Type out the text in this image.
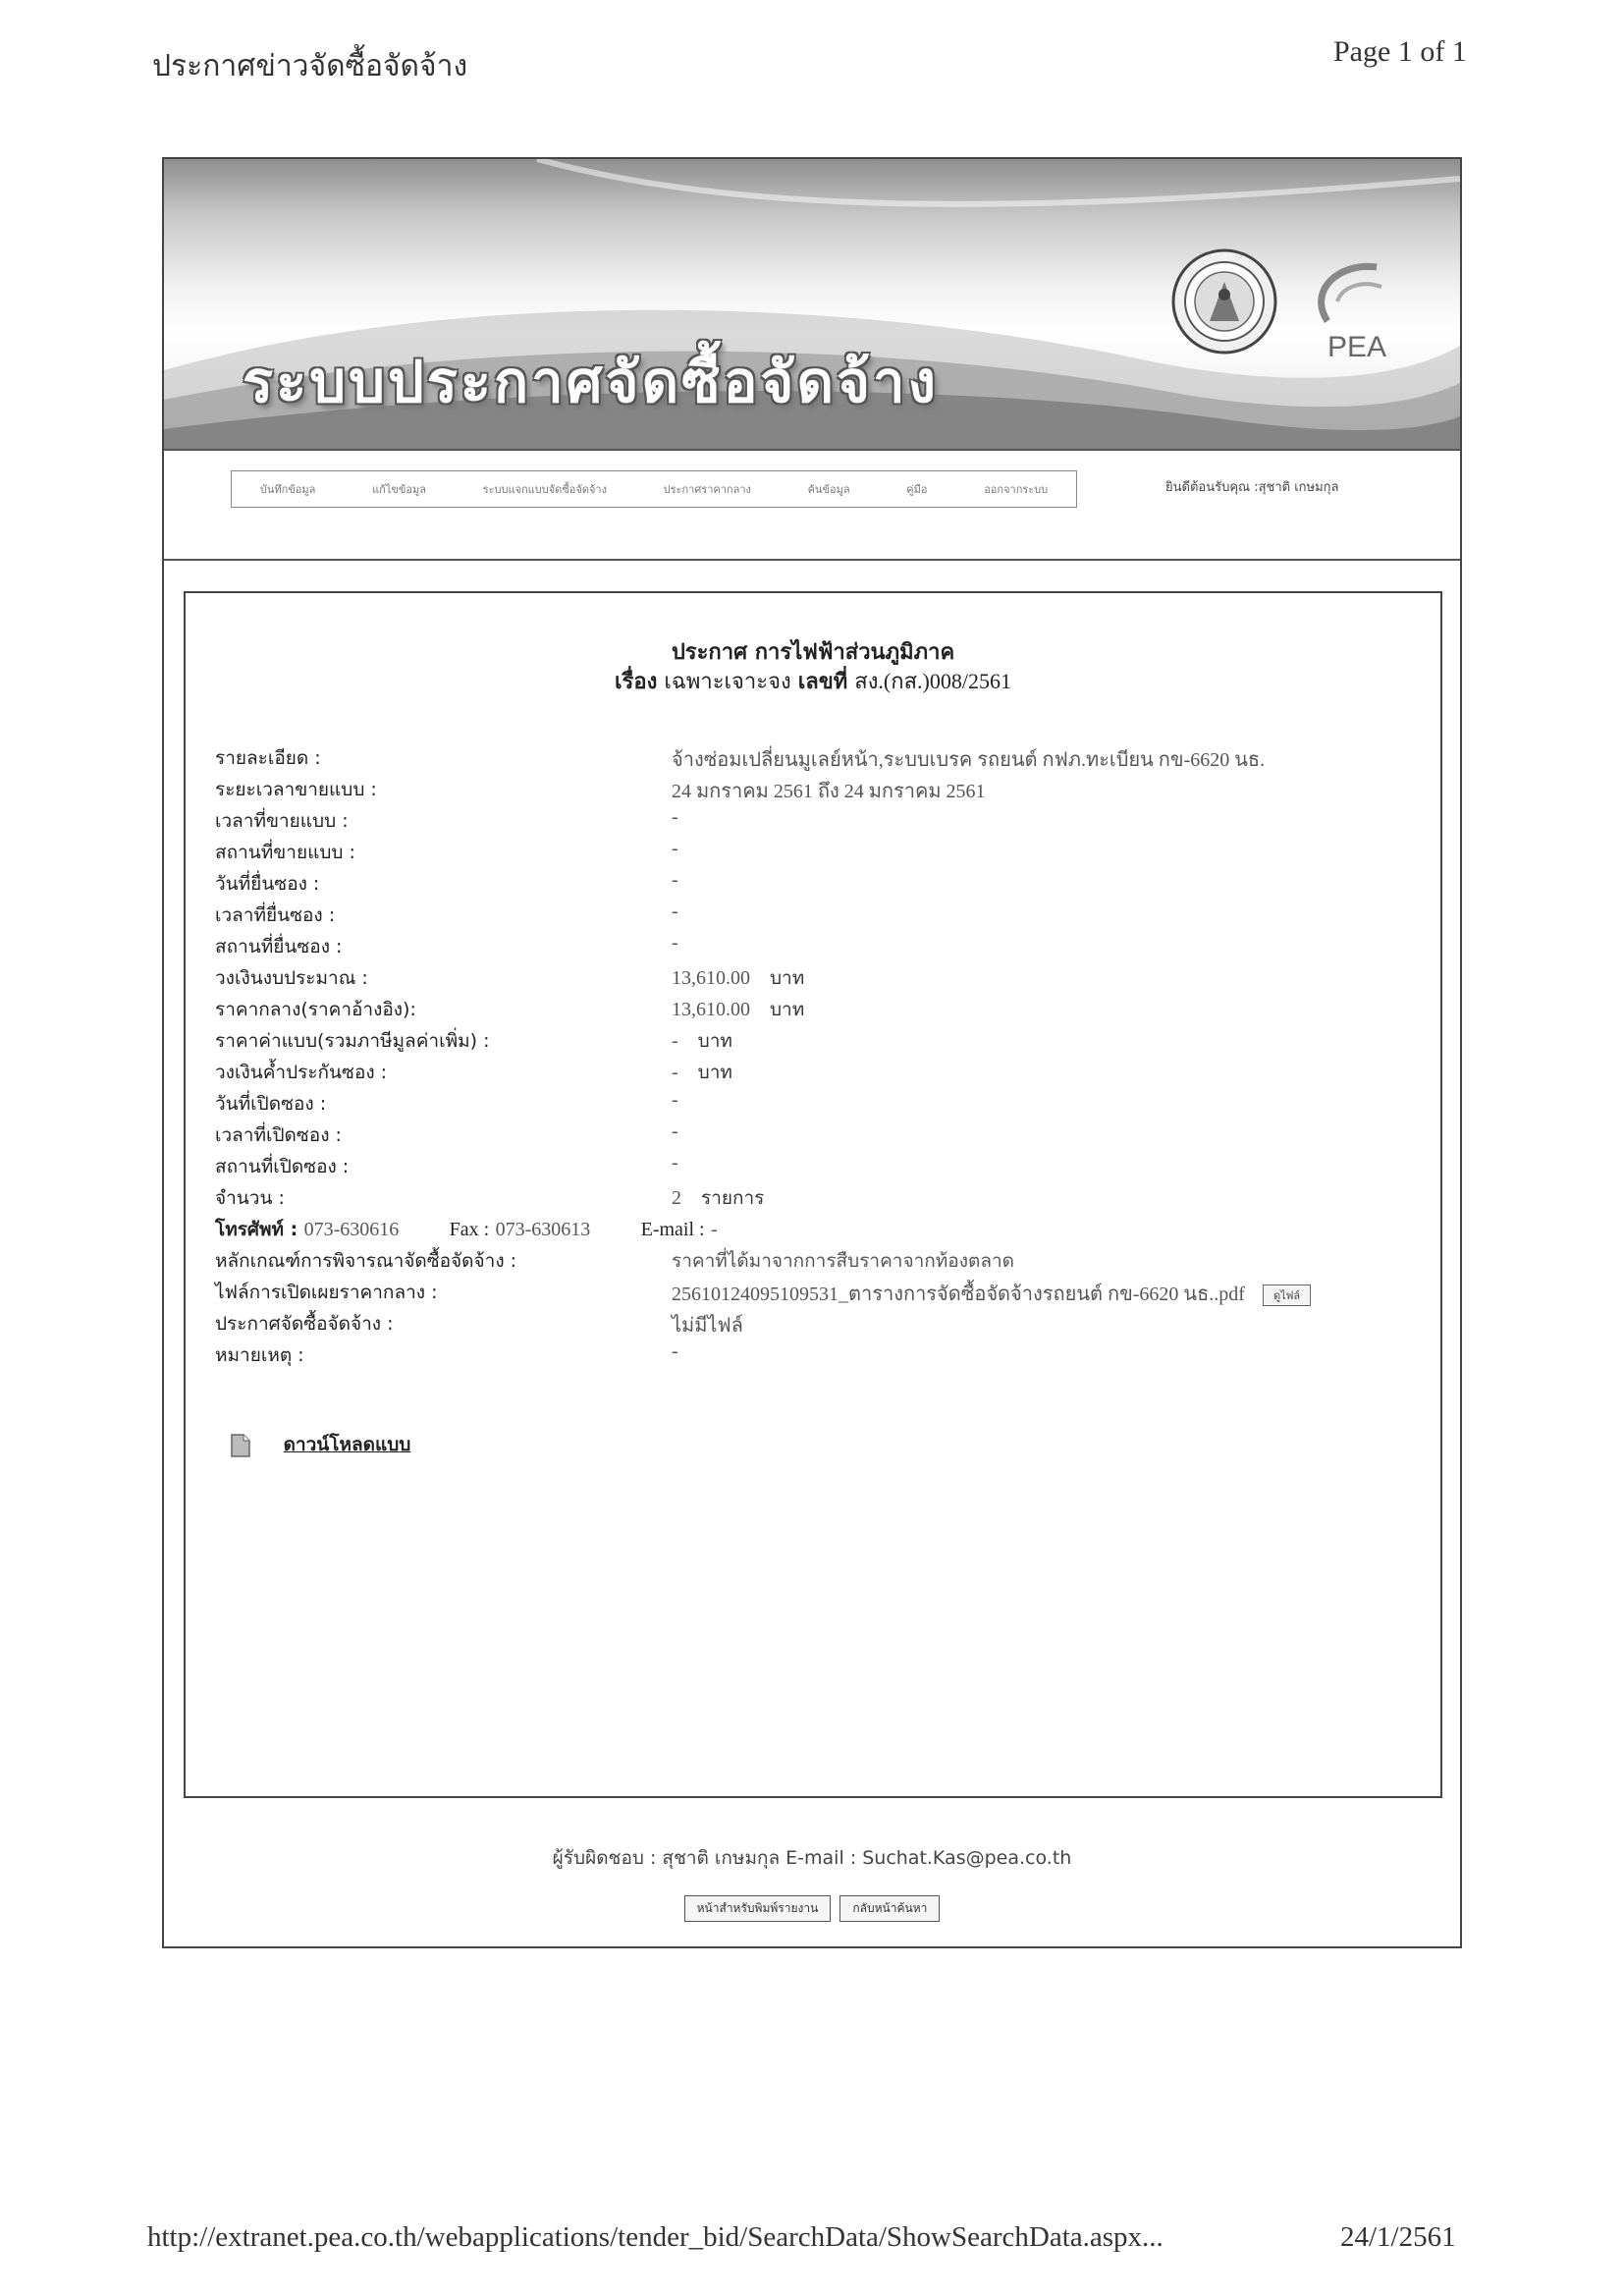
ประกาศข่าวจัดซื้อจัดจ้าง	Page 1 of 1
ระบบประกาศจัดซื้อจัดจ้าง
PEA
บันทึกข้อมูล	แก้ไขข้อมูล	ระบบแจกแบบจัดซื้อจัดจ้าง	ประกาศราคากลาง	ค้นข้อมูล	คู่มือ	ออกจากระบบ	ยินดีต้อนรับคุณ :สุชาติ เกษมกุล
ประกาศ การไฟฟ้าส่วนภูมิภาค
เรื่อง เฉพาะเจาะจง เลขที่ สง.(กส.)008/2561
รายละเอียด :	จ้างซ่อมเปลี่ยนมูเลย์หน้า,ระบบเบรค รถยนต์ กฟภ.ทะเบียน กข-6620 นธ.
ระยะเวลาขายแบบ :	24 มกราคม 2561 ถึง 24 มกราคม 2561
เวลาที่ขายแบบ :	-
สถานที่ขายแบบ :	-
วันที่ยื่นซอง :	-
เวลาที่ยื่นซอง :	-
สถานที่ยื่นซอง :	-
วงเงินงบประมาณ :	13,610.00 บาท
ราคากลาง(ราคาอ้างอิง):	13,610.00 บาท
ราคาค่าแบบ(รวมภาษีมูลค่าเพิ่ม) :	- บาท
วงเงินค้ำประกันซอง :	- บาท
วันที่เปิดซอง :	-
เวลาที่เปิดซอง :	-
สถานที่เปิดซอง :	-
จำนวน :	2 รายการ
โทรศัพท์ : 073-630616	Fax : 073-630613	E-mail : -
หลักเกณฑ์การพิจารณาจัดซื้อจัดจ้าง :	ราคาที่ได้มาจากการสืบราคาจากท้องตลาด
ไฟล์การเปิดเผยราคากลาง :	25610124095109531_ตารางการจัดซื้อจัดจ้างรถยนต์ กข-6620 นธ..pdf	ดูไฟล์
ประกาศจัดซื้อจัดจ้าง :	ไม่มีไฟล์
หมายเหตุ :	-
ดาวน์โหลดแบบ
ผู้รับผิดชอบ : สุชาติ เกษมกุล E-mail : Suchat.Kas@pea.co.th
หน้าสำหรับพิมพ์รายงาน	กลับหน้าค้นหา
http://extranet.pea.co.th/webapplications/tender_bid/SearchData/ShowSearchData.aspx...	24/1/2561
